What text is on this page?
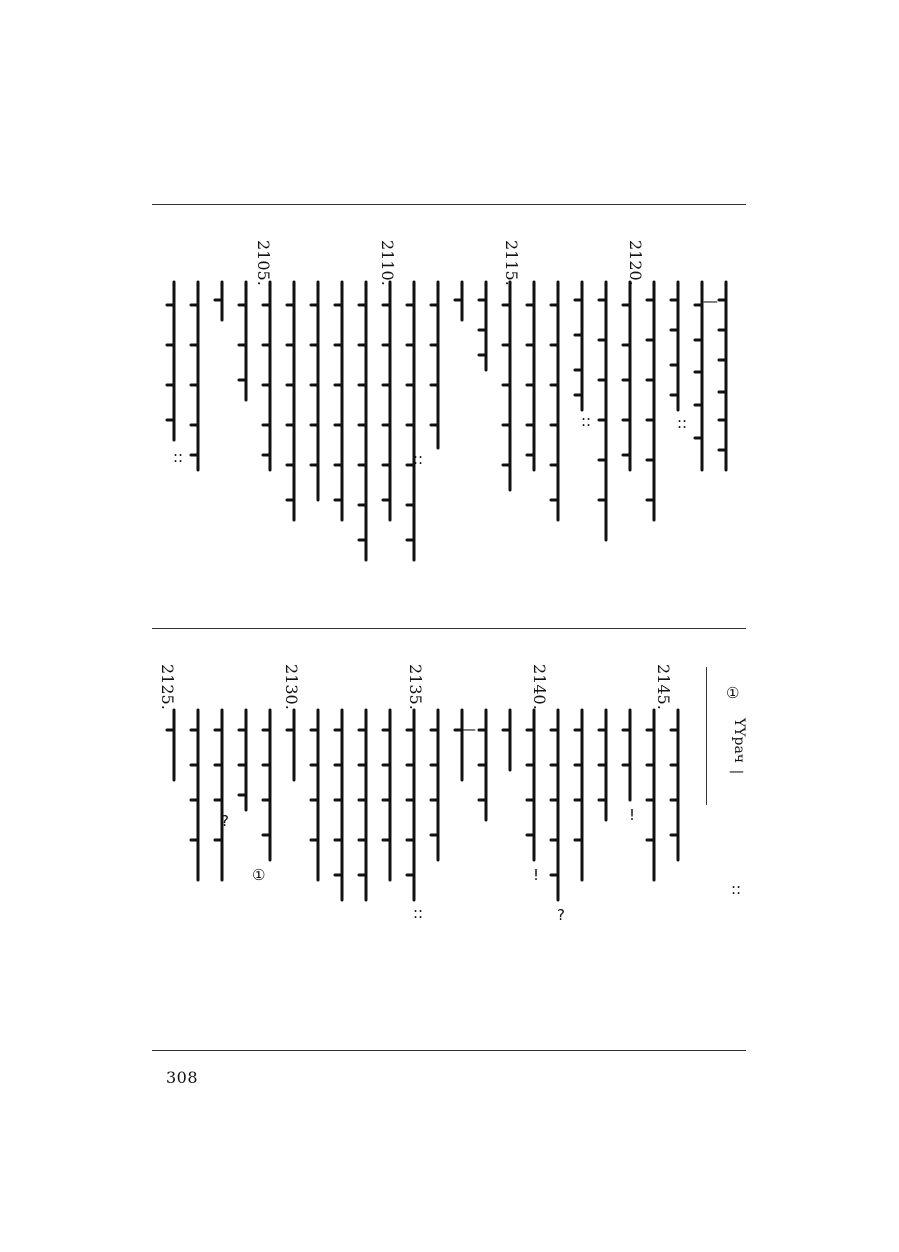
2120.
2115.
2110.
2105.
2145.
2140.
2135.
2130.
2125.	①
YYрач
—
::
①
!
!
?
?
::
::
::
::
::
—
—
308
